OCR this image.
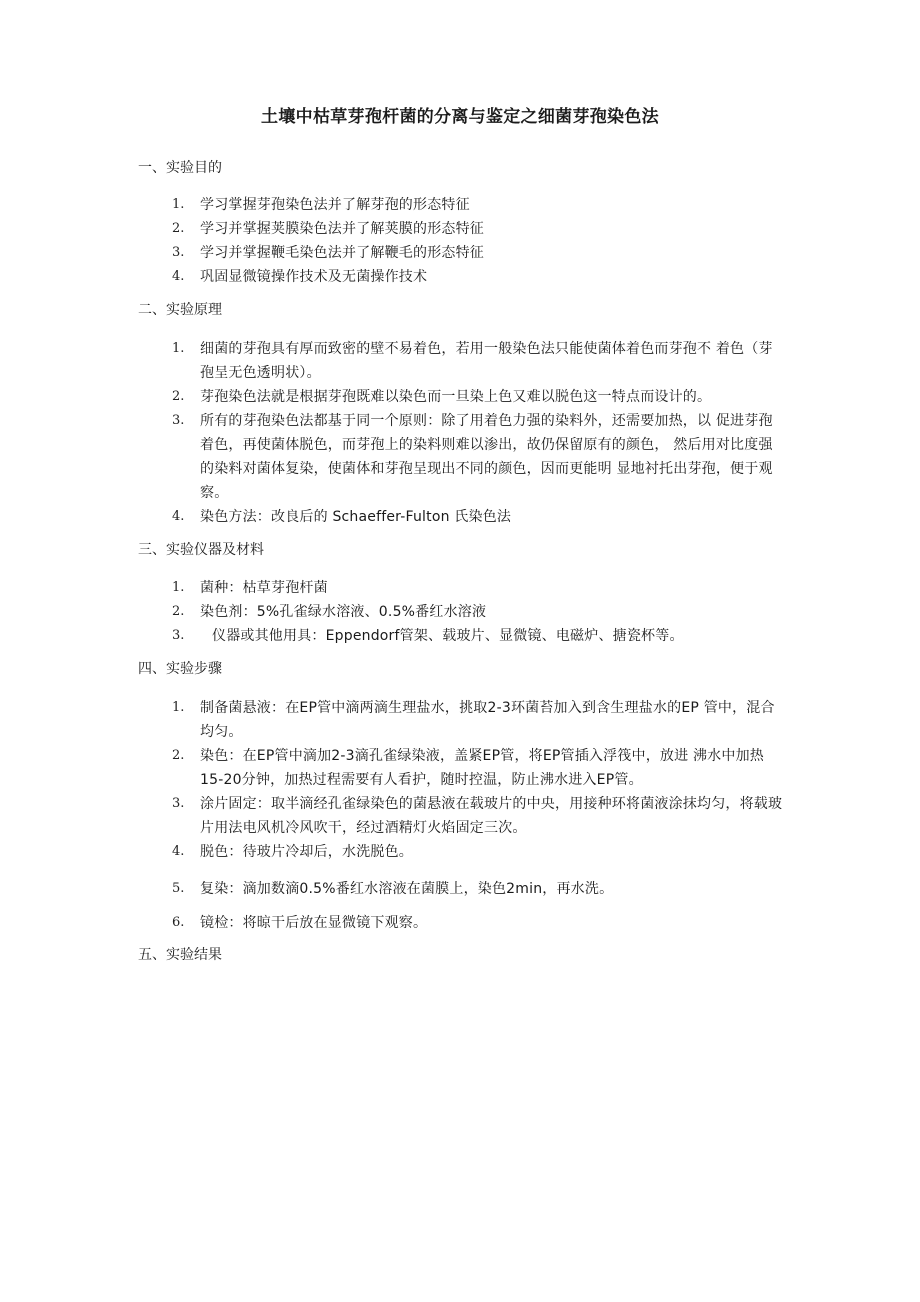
土壤中枯草芽孢杆菌的分离与鉴定之细菌芽孢染色法
一、实验目的
1.	学习掌握芽孢染色法并了解芽孢的形态特征
2.	学习并掌握荚膜染色法并了解荚膜的形态特征
3.	学习并掌握鞭毛染色法并了解鞭毛的形态特征
4.	巩固显微镜操作技术及无菌操作技术
二、实验原理
1.	细菌的芽孢具有厚而致密的壁不易着色，若用一般染色法只能使菌体着色而芽孢不 着色（芽孢呈无色透明状）。
2.	芽孢染色法就是根据芽孢既难以染色而一旦染上色又难以脱色这一特点而设计的。
3.	所有的芽孢染色法都基于同一个原则：除了用着色力强的染料外，还需要加热，以 促进芽孢着色，再使菌体脱色，而芽孢上的染料则难以渗出，故仍保留原有的颜色， 然后用对比度强的染料对菌体复染，使菌体和芽孢呈现出不同的颜色，因而更能明 显地衬托出芽孢，便于观察。
4.	染色方法：改良后的 Schaeffer-Fulton 氏染色法
三、实验仪器及材料
1.	菌种：枯草芽孢杆菌
2.	染色剂：5%孔雀绿水溶液、0.5%番红水溶液
3.	仪器或其他用具：Eppendorf管架、载玻片、显微镜、电磁炉、搪瓷杯等。
四、实验步骤
1.	制备菌悬液：在EP管中滴两滴生理盐水，挑取2-3环菌苔加入到含生理盐水的EP 管中，混合均匀。
2.	染色：在EP管中滴加2-3滴孔雀绿染液，盖紧EP管，将EP管插入浮筏中，放进 沸水中加热15-20分钟，加热过程需要有人看护，随时控温，防止沸水进入EP管。
3.	涂片固定：取半滴经孔雀绿染色的菌悬液在载玻片的中央，用接种环将菌液涂抹均匀，将载玻片用法电风机冷风吹干，经过酒精灯火焰固定三次。
4.	脱色：待玻片冷却后，水洗脱色。
5.	复染：滴加数滴0.5%番红水溶液在菌膜上，染色2min，再水洗。
6.	镜检：将晾干后放在显微镜下观察。
五、实验结果
